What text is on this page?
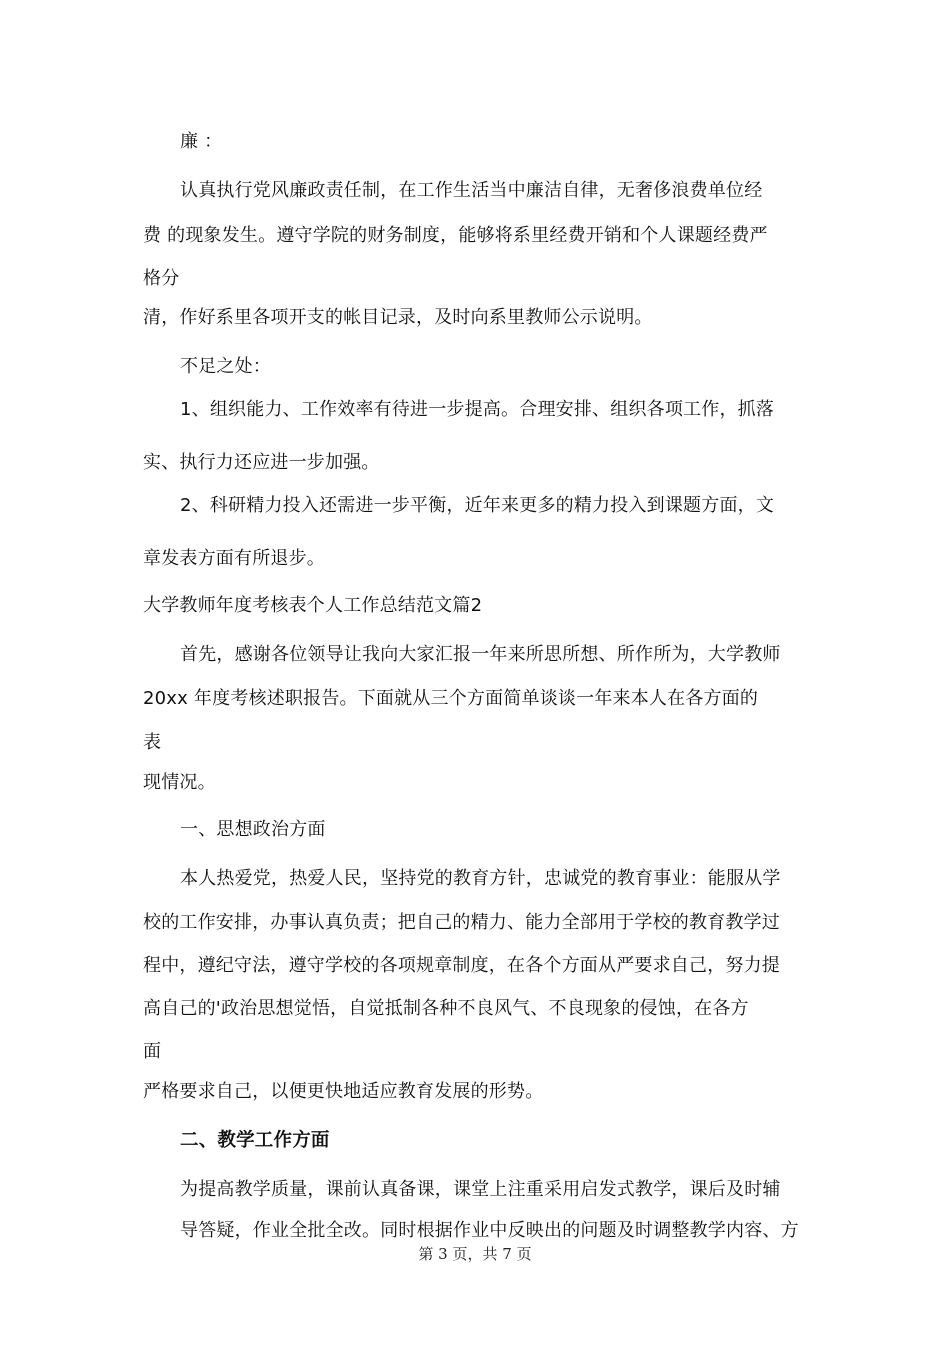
廉 ：
认真执行党风廉政责任制，在工作生活当中廉洁自律，无奢侈浪费单位经
费 的现象发生。遵守学院的财务制度，能够将系里经费开销和个人课题经费严
格分
清，作好系里各项开支的帐目记录，及时向系里教师公示说明。
不足之处：
1、组织能力、工作效率有待进一步提高。合理安排、组织各项工作，抓落
实、执行力还应进一步加强。
2、科研精力投入还需进一步平衡，近年来更多的精力投入到课题方面，文
章发表方面有所退步。
大学教师年度考核表个人工作总结范文篇2
首先，感谢各位领导让我向大家汇报一年来所思所想、所作所为，大学教师
20xx 年度考核述职报告。下面就从三个方面简单谈谈一年来本人在各方面的
表
现情况。
一、思想政治方面
本人热爱党，热爱人民，坚持党的教育方针，忠诚党的教育事业：能服从学
校的工作安排，办事认真负责；把自己的精力、能力全部用于学校的教育教学过
程中，遵纪守法，遵守学校的各项规章制度，在各个方面从严要求自己，努力提
高自己的'政治思想觉悟，自觉抵制各种不良风气、不良现象的侵蚀，在各方
面
严格要求自己，以便更快地适应教育发展的形势。
二、教学工作方面
为提高教学质量，课前认真备课，课堂上注重采用启发式教学，课后及时辅
导答疑，作业全批全改。同时根据作业中反映出的问题及时调整教学内容、方
第 3 页，共 7 页
